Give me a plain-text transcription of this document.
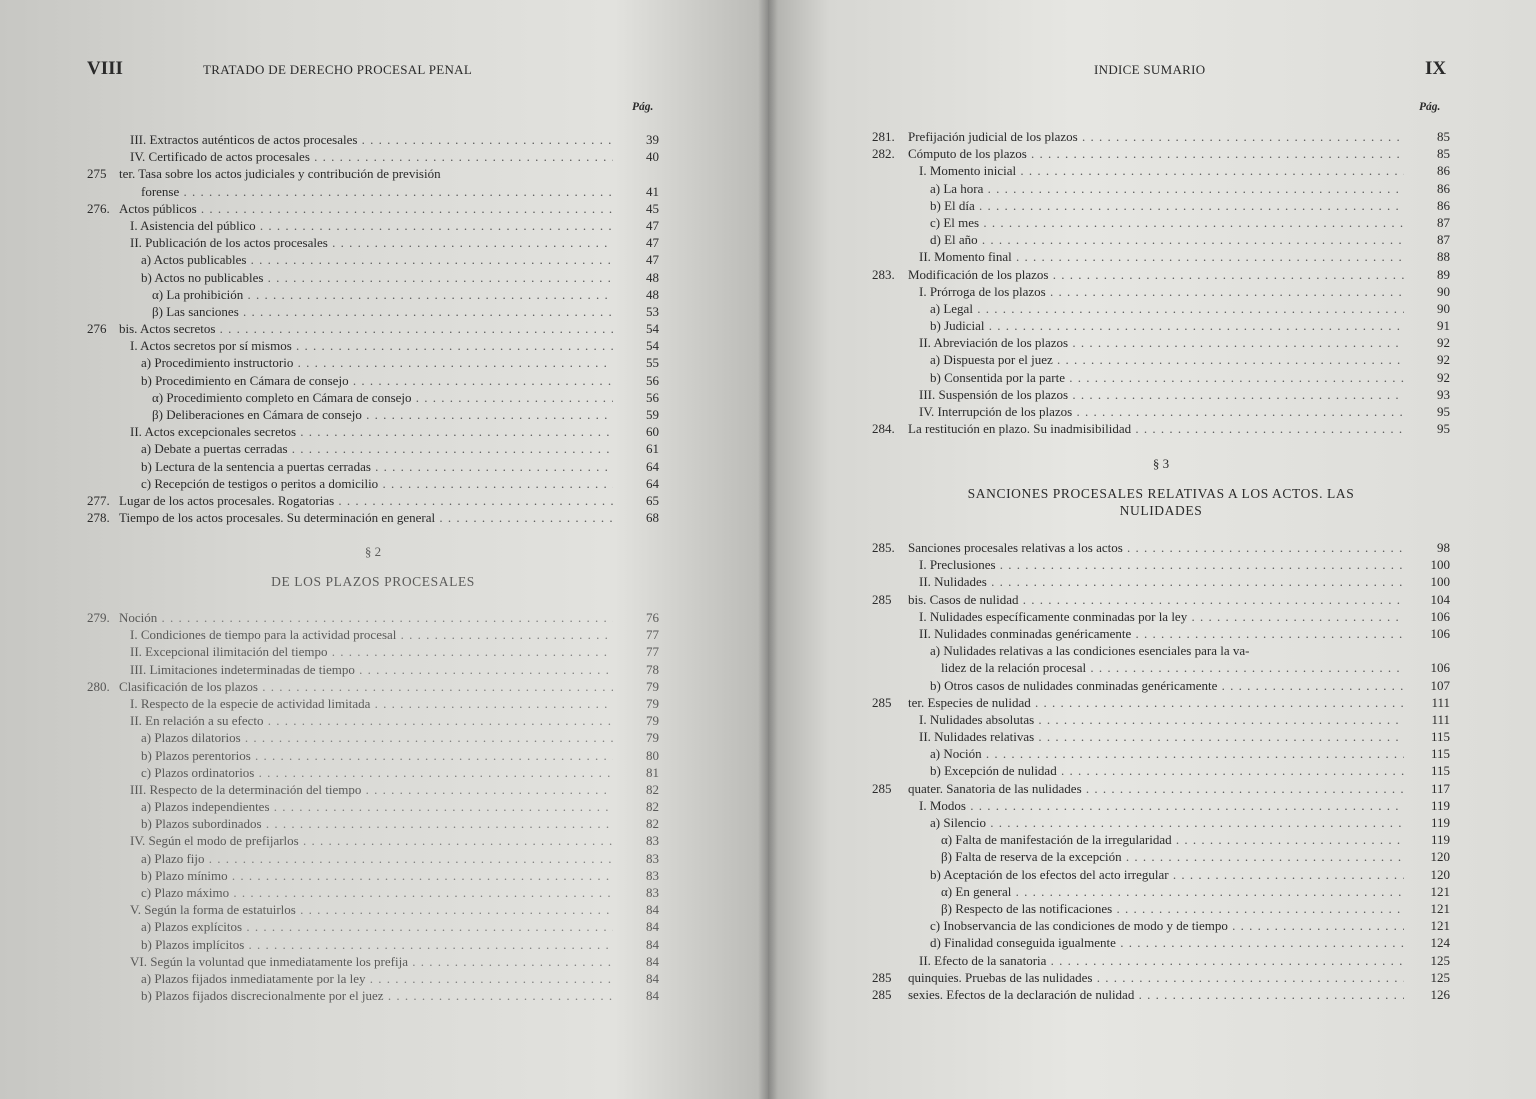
VIII	TRATADO DE DERECHO PROCESAL PENAL
Pág.
III. Extractos auténticos de actos procesales . . .	39
IV. Certificado de actos procesales . . .	40
275 ter. Tasa sobre los actos judiciales y contribución de previsión
forense . . .	41
276. Actos públicos . . .	45
I. Asistencia del público . . .	47
II. Publicación de los actos procesales . . .	47
a) Actos publicables . . .	47
b) Actos no publicables . . .	48
α) La prohibición . . .	48
β) Las sanciones . . .	53
276 bis. Actos secretos . . .	54
I. Actos secretos por sí mismos . . .	54
a) Procedimiento instructorio . . .	55
b) Procedimiento en Cámara de consejo . . .	56
α) Procedimiento completo en Cámara de consejo . . .	56
β) Deliberaciones en Cámara de consejo . . .	59
II. Actos excepcionales secretos . . .	60
a) Debate a puertas cerradas . . .	61
b) Lectura de la sentencia a puertas cerradas . . .	64
c) Recepción de testigos o peritos a domicilio . . .	64
277. Lugar de los actos procesales. Rogatorias . . .	65
278. Tiempo de los actos procesales. Su determinación en general . . .	68
§ 2
DE LOS PLAZOS PROCESALES
279. Noción . . .	76
I. Condiciones de tiempo para la actividad procesal . . .	77
II. Excepcional ilimitación del tiempo . . .	77
III. Limitaciones indeterminadas de tiempo . . .	78
280. Clasificación de los plazos . . .	79
I. Respecto de la especie de actividad limitada . . .	79
II. En relación a su efecto . . .	79
a) Plazos dilatorios . . .	79
b) Plazos perentorios . . .	80
c) Plazos ordinatorios . . .	81
III. Respecto de la determinación del tiempo . . .	82
a) Plazos independientes . . .	82
b) Plazos subordinados . . .	82
IV. Según el modo de prefijarlos . . .	83
a) Plazo fijo . . .	83
b) Plazo mínimo . . .	83
c) Plazo máximo . . .	83
V. Según la forma de estatuirlos . . .	84
a) Plazos explícitos . . .	84
b) Plazos implícitos . . .	84
VI. Según la voluntad que inmediatamente los prefija . . .	84
a) Plazos fijados inmediatamente por la ley . . .	84
b) Plazos fijados discrecionalmente por el juez . . .	84
INDICE SUMARIO	IX
Pág.
281. Prefijación judicial de los plazos . . .	85
282. Cómputo de los plazos . . .	85
I. Momento inicial . . .	86
a) La hora . . .	86
b) El día . . .	86
c) El mes . . .	87
d) El año . . .	87
II. Momento final . . .	88
283. Modificación de los plazos . . .	89
I. Prórroga de los plazos . . .	90
a) Legal . . .	90
b) Judicial . . .	91
II. Abreviación de los plazos . . .	92
a) Dispuesta por el juez . . .	92
b) Consentida por la parte . . .	92
III. Suspensión de los plazos . . .	93
IV. Interrupción de los plazos . . .	95
284. La restitución en plazo. Su inadmisibilidad . . .	95
§ 3
SANCIONES PROCESALES RELATIVAS A LOS ACTOS. LAS
NULIDADES
285. Sanciones procesales relativas a los actos . . .	98
I. Preclusiones . . .	100
II. Nulidades . . .	100
285 bis. Casos de nulidad . . .	104
I. Nulidades específicamente conminadas por la ley . . .	106
II. Nulidades conminadas genéricamente . . .	106
a) Nulidades relativas a las condiciones esenciales para la va-
lidez de la relación procesal . . .	106
b) Otros casos de nulidades conminadas genéricamente . . .	107
285 ter. Especies de nulidad . . .	111
I. Nulidades absolutas . . .	111
II. Nulidades relativas . . .	115
a) Noción . . .	115
b) Excepción de nulidad . . .	115
285 quater. Sanatoria de las nulidades . . .	117
I. Modos . . .	119
a) Silencio . . .	119
α) Falta de manifestación de la irregularidad . . .	119
β) Falta de reserva de la excepción . . .	120
b) Aceptación de los efectos del acto irregular . . .	120
α) En general . . .	121
β) Respecto de las notificaciones . . .	121
c) Inobservancia de las condiciones de modo y de tiempo . . .	121
d) Finalidad conseguida igualmente . . .	124
II. Efecto de la sanatoria . . .	125
285 quinquies. Pruebas de las nulidades . . .	125
285 sexies. Efectos de la declaración de nulidad . . .	126
